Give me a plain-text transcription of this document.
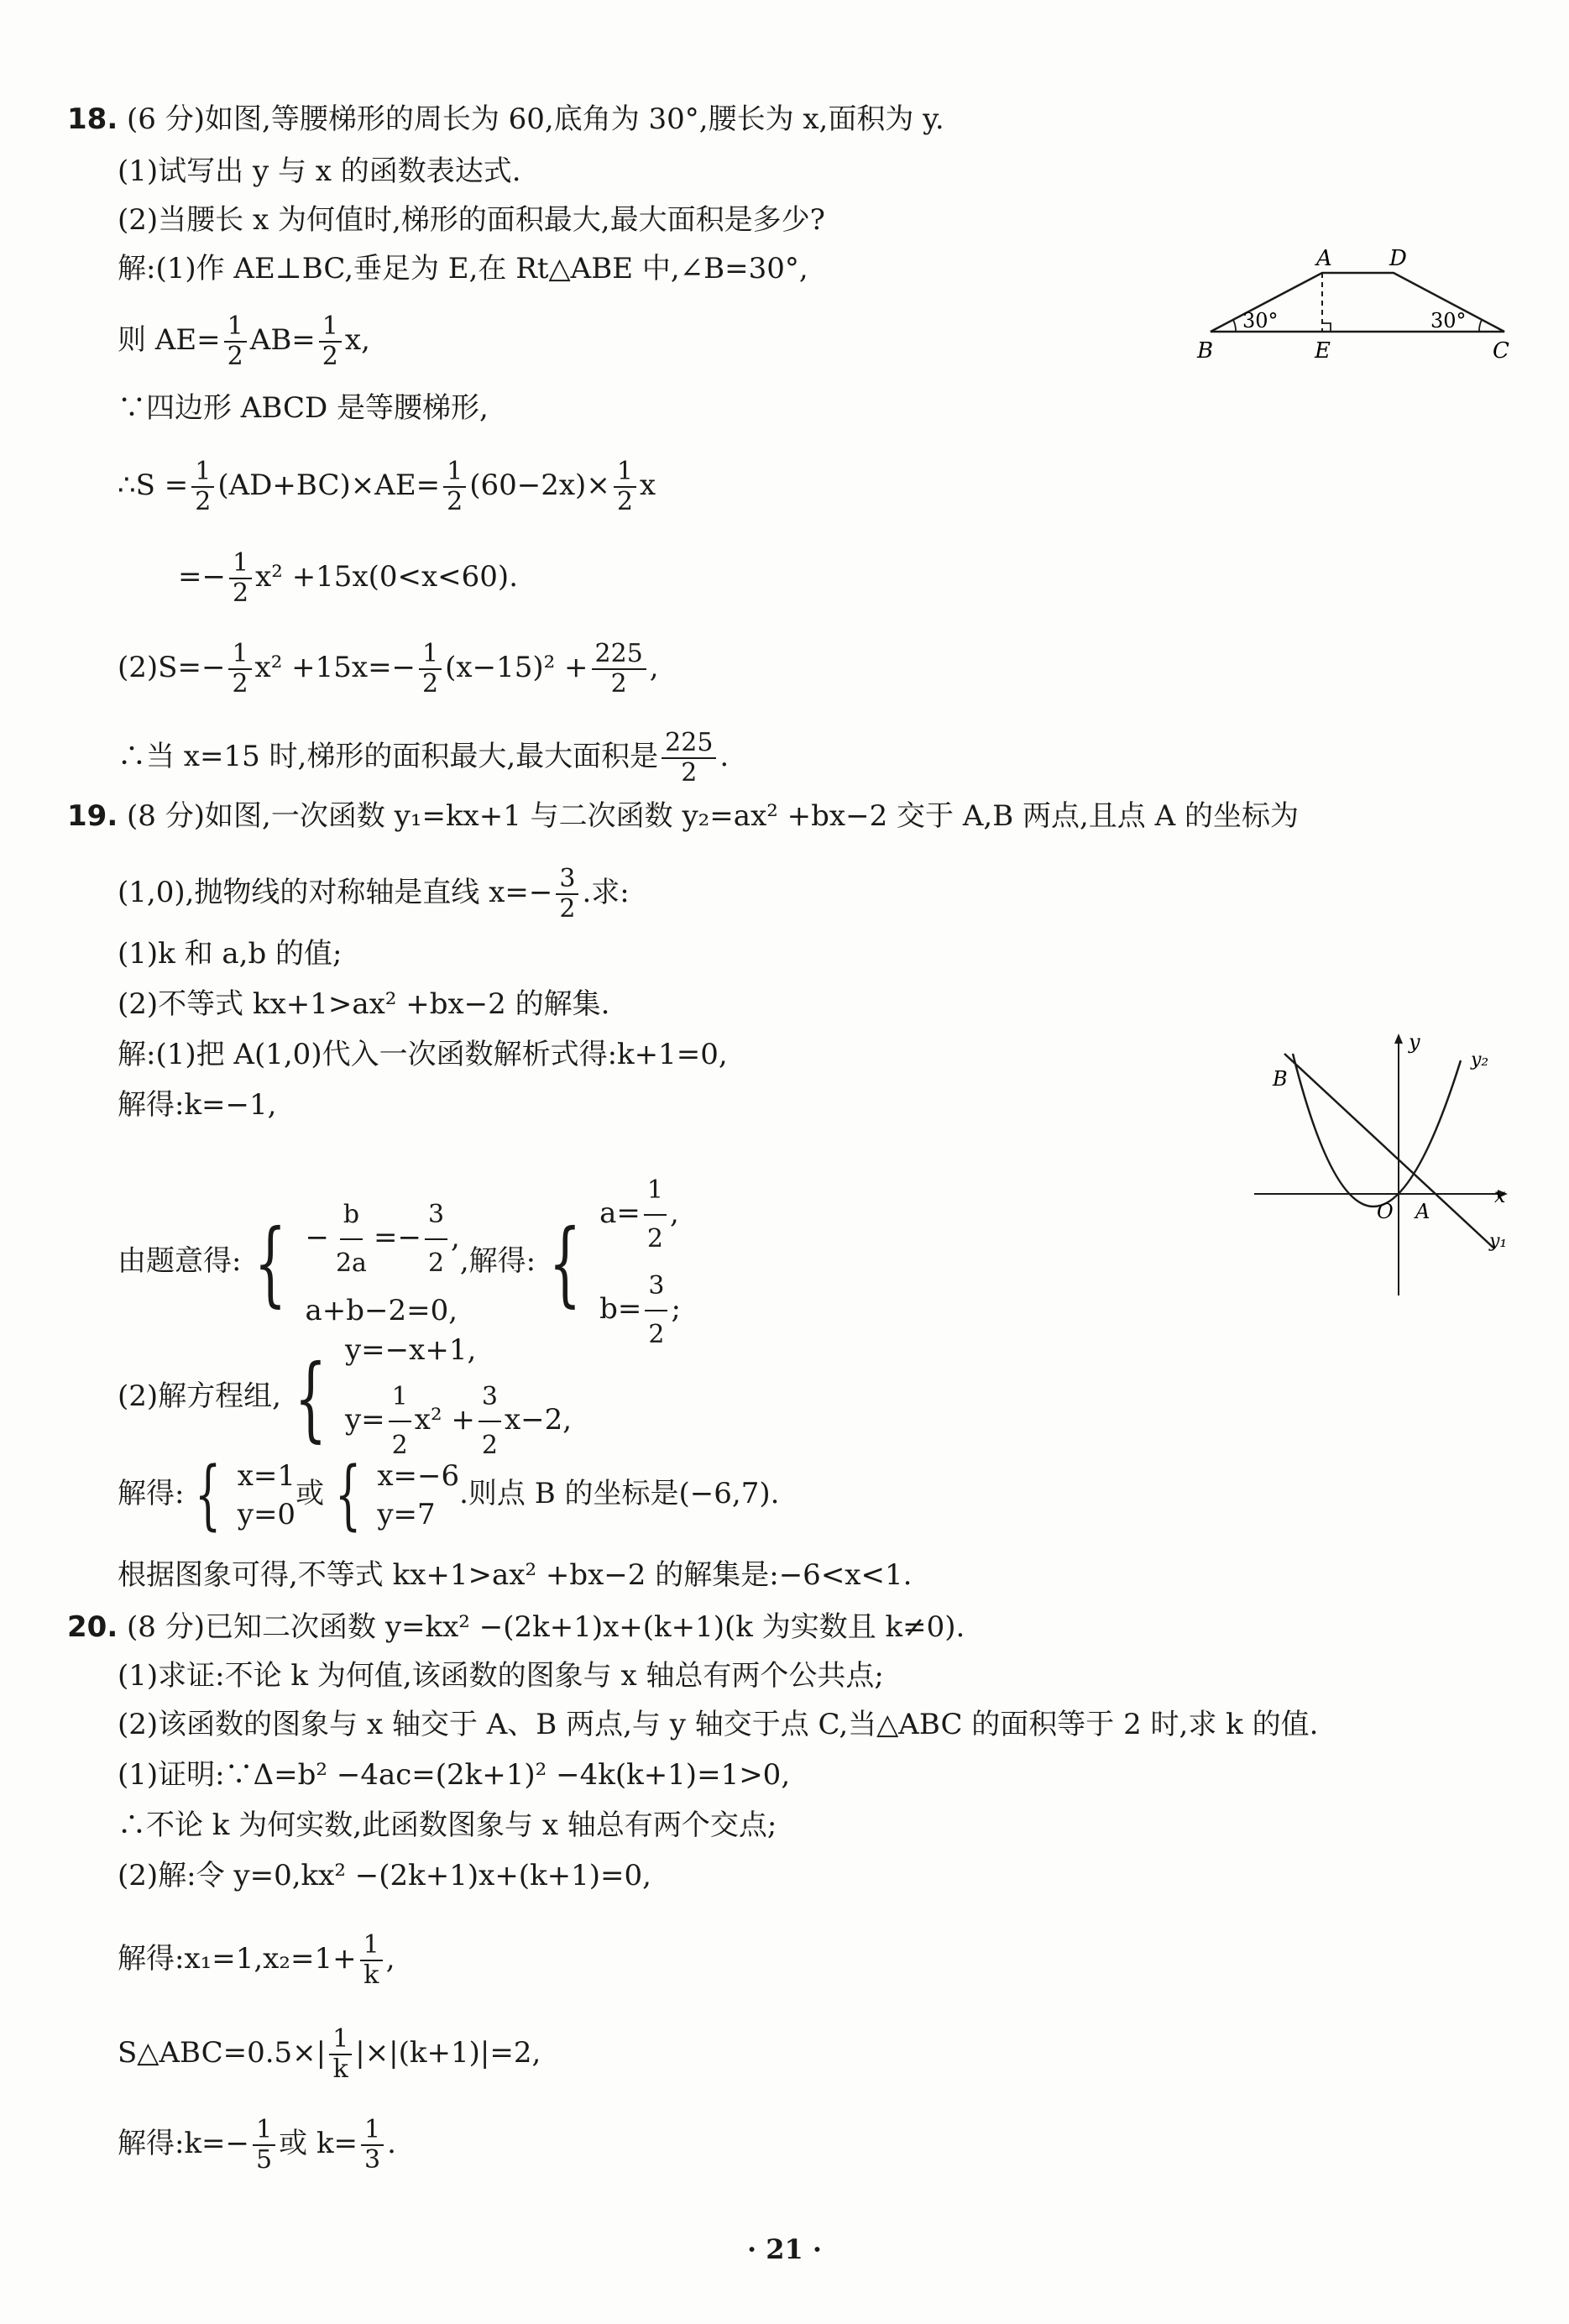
18. (6 分)如图,等腰梯形的周长为 60,底角为 30°,腰长为 x,面积为 y.
(1)试写出 y 与 x 的函数表达式.
(2)当腰长 x 为何值时,梯形的面积最大,最大面积是多少?
解:(1)作 AE⊥BC,垂足为 E,在 Rt△ABE 中,∠B=30°,
则 $AE= \frac{1}{2} AB= \frac{1}{2} x$,
∵四边形 ABCD 是等腰梯形,
∴S = $\frac{1}{2} (AD+BC)\times AE= \frac{1}{2} (60-2x)\times \frac{1}{2}$ x
=− $\frac{1}{2} x^2 +15x(0<x<60)$.
$(2)S=- \frac{1}{2} x^2 +15x=- \frac{1}{2} (x-15)^2 + \frac{225}{2}$ ,
∴当 x=15 时,梯形的面积最大,最大面积是 $\frac{225}{2}$ .
A	D
B	E	C
30°	30°
19. (8 分)如图,一次函数 y₁=kx+1 与二次函数 y₂=ax² +bx−2 交于 A,B 两点,且点 A 的坐标为
(1,0),抛物线的对称轴是直线 $x=- \frac{3}{2}$ .求:
(1)k 和 a,b 的值;
(2)不等式 kx+1>ax² +bx−2 的解集.
解:(1)把 A(1,0)代入一次函数解析式得:k+1=0,
解得:k=−1,
由题意得: { − $\frac{b}{2a} =- \frac{3}{2}$ ,
a+b−2=0,
,解得: { $a= \frac{1}{2}$ ,
$b= \frac{3}{2}$ ;
(2)解方程组, { y=−x+1,
$y= \frac{1}{2} x^2 + \frac{3}{2} x-2$,
解得: { x=1
y=0
或 { x=−6
y=7
.则点 B 的坐标是(−6,7).
根据图象可得,不等式 kx+1>ax² +bx−2 的解集是:−6<x<1.
y
y₂
B
O A
x
y₁
20. (8 分)已知二次函数 y=kx² −(2k+1)x+(k+1)(k 为实数且 k≠0).
(1)求证:不论 k 为何值,该函数的图象与 x 轴总有两个公共点;
(2)该函数的图象与 x 轴交于 A、B 两点,与 y 轴交于点 C,当△ABC 的面积等于 2 时,求 k 的值.
(1)证明:∵Δ=b² −4ac=(2k+1)² −4k(k+1)=1>0,
∴不论 k 为何实数,此函数图象与 x 轴总有两个交点;
(2)解:令 y=0,kx² −(2k+1)x+(k+1)=0,
解得:x₁=1,x₂=1+ $\frac{1}{k}$ ,
S△ABC=0.5×| $\frac{1}{k} |\times|(k+1)|=2$,
解得:k=− $\frac{1}{5}$ 或 $k= \frac{1}{3}$ .
· 21 ·
